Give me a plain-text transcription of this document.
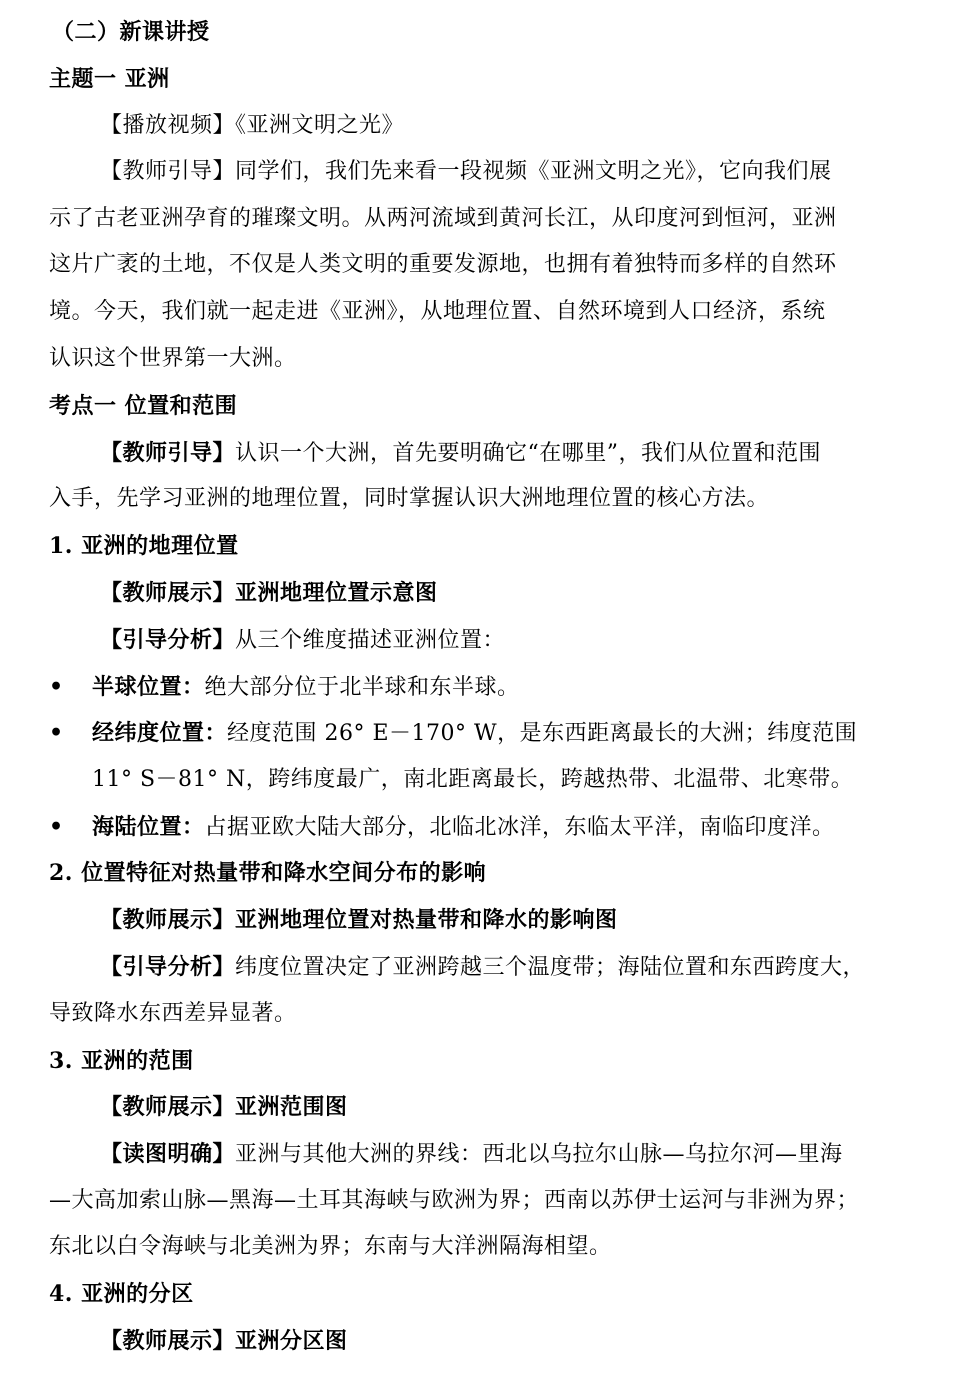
（二）新课讲授
主题一 亚洲
【播放视频】《亚洲文明之光》
【教师引导】同学们，我们先来看一段视频《亚洲文明之光》，它向我们展
示了古老亚洲孕育的璀璨文明。从两河流域到黄河长江，从印度河到恒河，亚洲
这片广袤的土地，不仅是人类文明的重要发源地，也拥有着独特而多样的自然环
境。今天，我们就一起走进《亚洲》，从地理位置、自然环境到人口经济，系统
认识这个世界第一大洲。
考点一 位置和范围
【教师引导】认识一个大洲，首先要明确它“在哪里”，我们从位置和范围
入手，先学习亚洲的地理位置，同时掌握认识大洲地理位置的核心方法。
1. 亚洲的地理位置
【教师展示】亚洲地理位置示意图
【引导分析】从三个维度描述亚洲位置：
• 半球位置：绝大部分位于北半球和东半球。
• 经纬度位置：经度范围 26° E－170° W，是东西距离最长的大洲；纬度范围
11° S－81° N，跨纬度最广，南北距离最长，跨越热带、北温带、北寒带。
• 海陆位置：占据亚欧大陆大部分，北临北冰洋，东临太平洋，南临印度洋。
2. 位置特征对热量带和降水空间分布的影响
【教师展示】亚洲地理位置对热量带和降水的影响图
【引导分析】纬度位置决定了亚洲跨越三个温度带；海陆位置和东西跨度大，
导致降水东西差异显著。
3. 亚洲的范围
【教师展示】亚洲范围图
【读图明确】亚洲与其他大洲的界线：西北以乌拉尔山脉—乌拉尔河—里海
—大高加索山脉—黑海—土耳其海峡与欧洲为界；西南以苏伊士运河与非洲为界；
东北以白令海峡与北美洲为界；东南与大洋洲隔海相望。
4. 亚洲的分区
【教师展示】亚洲分区图
